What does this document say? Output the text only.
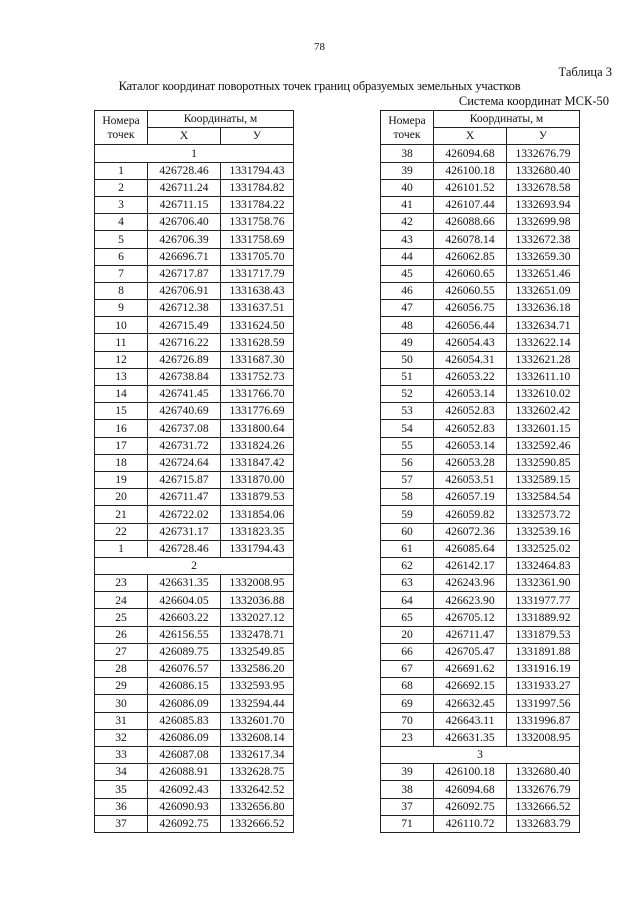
78
Таблица 3
Каталог координат поворотных точек границ образуемых земельных участков
Система координат МСК-50
Номера
точек	Координаты, м	
	Х	У
1		
1	426728.46	1331794.43
2	426711.24	1331784.82
3	426711.15	1331784.22
4	426706.40	1331758.76
5	426706.39	1331758.69
6	426696.71	1331705.70
7	426717.87	1331717.79
8	426706.91	1331638.43
9	426712.38	1331637.51
10	426715.49	1331624.50
11	426716.22	1331628.59
12	426726.89	1331687.30
13	426738.84	1331752.73
14	426741.45	1331766.70
15	426740.69	1331776.69
16	426737.08	1331800.64
17	426731.72	1331824.26
18	426724.64	1331847.42
19	426715.87	1331870.00
20	426711.47	1331879.53
21	426722.02	1331854.06
22	426731.17	1331823.35
1	426728.46	1331794.43
2		
23	426631.35	1332008.95
24	426604.05	1332036.88
25	426603.22	1332027.12
26	426156.55	1332478.71
27	426089.75	1332549.85
28	426076.57	1332586.20
29	426086.15	1332593.95
30	426086.09	1332594.44
31	426085.83	1332601.70
32	426086.09	1332608.14
33	426087.08	1332617.34
34	426088.91	1332628.75
35	426092.43	1332642.52
36	426090.93	1332656.80
37	426092.75	1332666.52
Номера
точек	Координаты, м	
	Х	У
38	426094.68	1332676.79
39	426100.18	1332680.40
40	426101.52	1332678.58
41	426107.44	1332693.94
42	426088.66	1332699.98
43	426078.14	1332672.38
44	426062.85	1332659.30
45	426060.65	1332651.46
46	426060.55	1332651.09
47	426056.75	1332636.18
48	426056.44	1332634.71
49	426054.43	1332622.14
50	426054.31	1332621.28
51	426053.22	1332611.10
52	426053.14	1332610.02
53	426052.83	1332602.42
54	426052.83	1332601.15
55	426053.14	1332592.46
56	426053.28	1332590.85
57	426053.51	1332589.15
58	426057.19	1332584.54
59	426059.82	1332573.72
60	426072.36	1332539.16
61	426085.64	1332525.02
62	426142.17	1332464.83
63	426243.96	1332361.90
64	426623.90	1331977.77
65	426705.12	1331889.92
20	426711.47	1331879.53
66	426705.47	1331891.88
67	426691.62	1331916.19
68	426692.15	1331933.27
69	426632.45	1331997.56
70	426643.11	1331996.87
23	426631.35	1332008.95
3		
39	426100.18	1332680.40
38	426094.68	1332676.79
37	426092.75	1332666.52
71	426110.72	1332683.79
